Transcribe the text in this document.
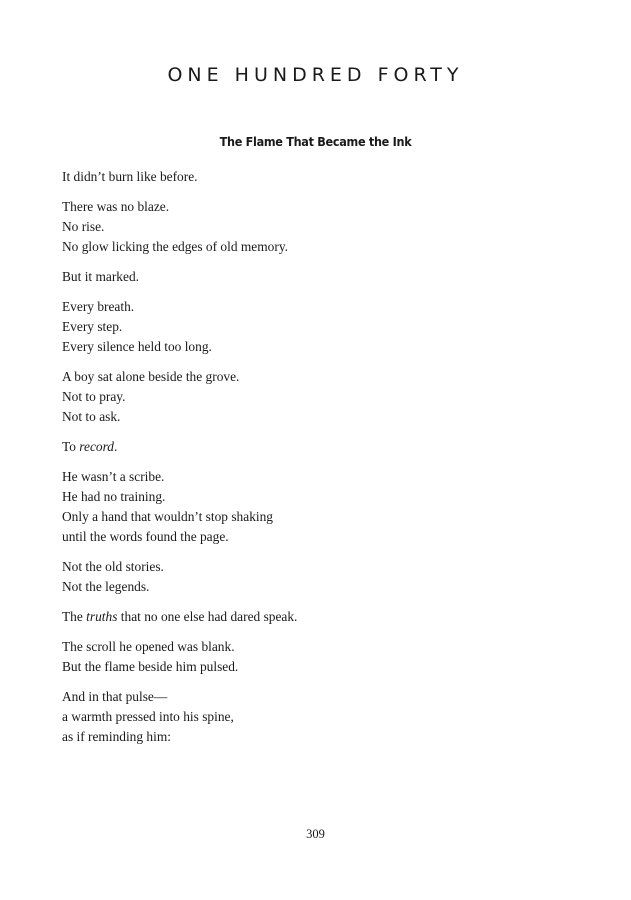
ONE HUNDRED FORTY
The Flame That Became the Ink
It didn’t burn like before.
There was no blaze.
No rise.
No glow licking the edges of old memory.
But it marked.
Every breath.
Every step.
Every silence held too long.
A boy sat alone beside the grove.
Not to pray.
Not to ask.
To record.
He wasn’t a scribe.
He had no training.
Only a hand that wouldn’t stop shaking
until the words found the page.
Not the old stories.
Not the legends.
The truths that no one else had dared speak.
The scroll he opened was blank.
But the flame beside him pulsed.
And in that pulse—
a warmth pressed into his spine,
as if reminding him:
309
